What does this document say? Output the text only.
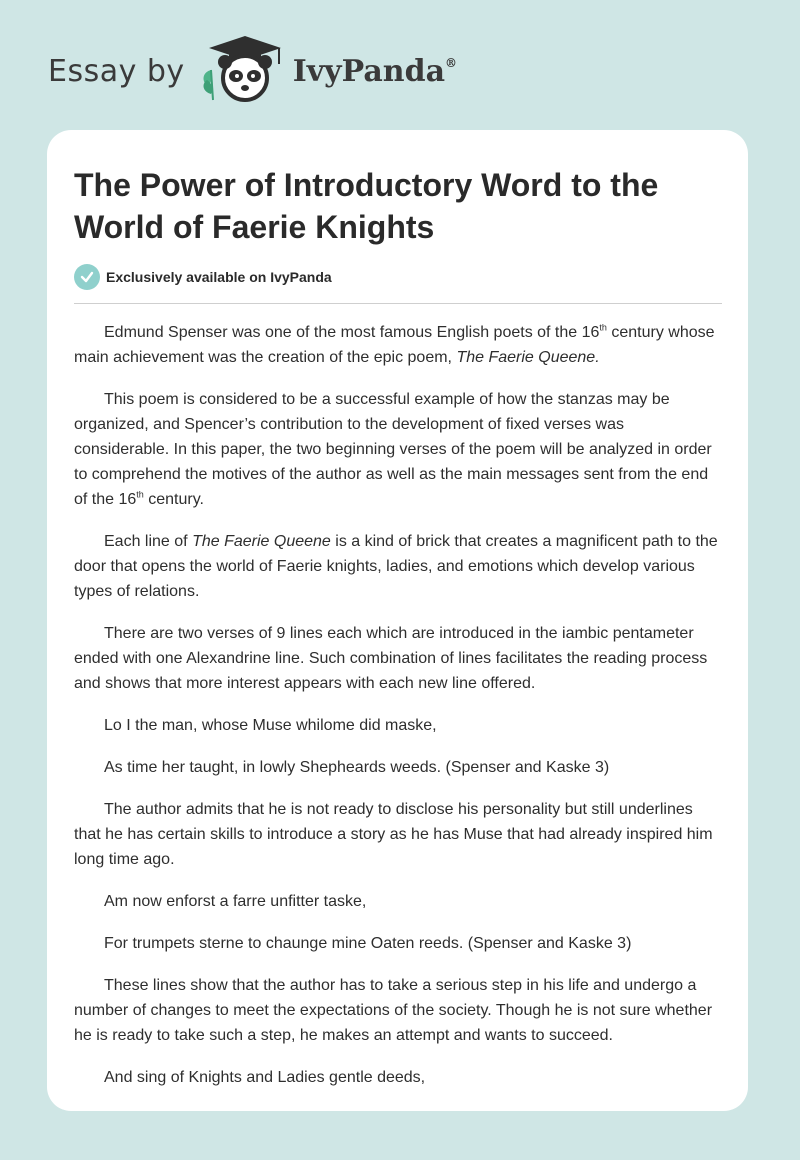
Essay by	IvyPanda®
The Power of Introductory Word to the World of Faerie Knights
Exclusively available on IvyPanda

Edmund Spenser was one of the most famous English poets of the 16th century whose main achievement was the creation of the epic poem, The Faerie Queene.

This poem is considered to be a successful example of how the stanzas may be organized, and Spencer’s contribution to the development of fixed verses was considerable. In this paper, the two beginning verses of the poem will be analyzed in order to comprehend the motives of the author as well as the main messages sent from the end of the 16th century.

Each line of The Faerie Queene is a kind of brick that creates a magnificent path to the door that opens the world of Faerie knights, ladies, and emotions which develop various types of relations.

There are two verses of 9 lines each which are introduced in the iambic pentameter ended with one Alexandrine line. Such combination of lines facilitates the reading process and shows that more interest appears with each new line offered.

Lo I the man, whose Muse whilome did maske,

As time her taught, in lowly Shepheards weeds. (Spenser and Kaske 3)

The author admits that he is not ready to disclose his personality but still underlines that he has certain skills to introduce a story as he has Muse that had already inspired him long time ago.

Am now enforst a farre unfitter taske,

For trumpets sterne to chaunge mine Oaten reeds. (Spenser and Kaske 3)

These lines show that the author has to take a serious step in his life and undergo a number of changes to meet the expectations of the society. Though he is not sure whether he is ready to take such a step, he makes an attempt and wants to succeed.

And sing of Knights and Ladies gentle deeds,
